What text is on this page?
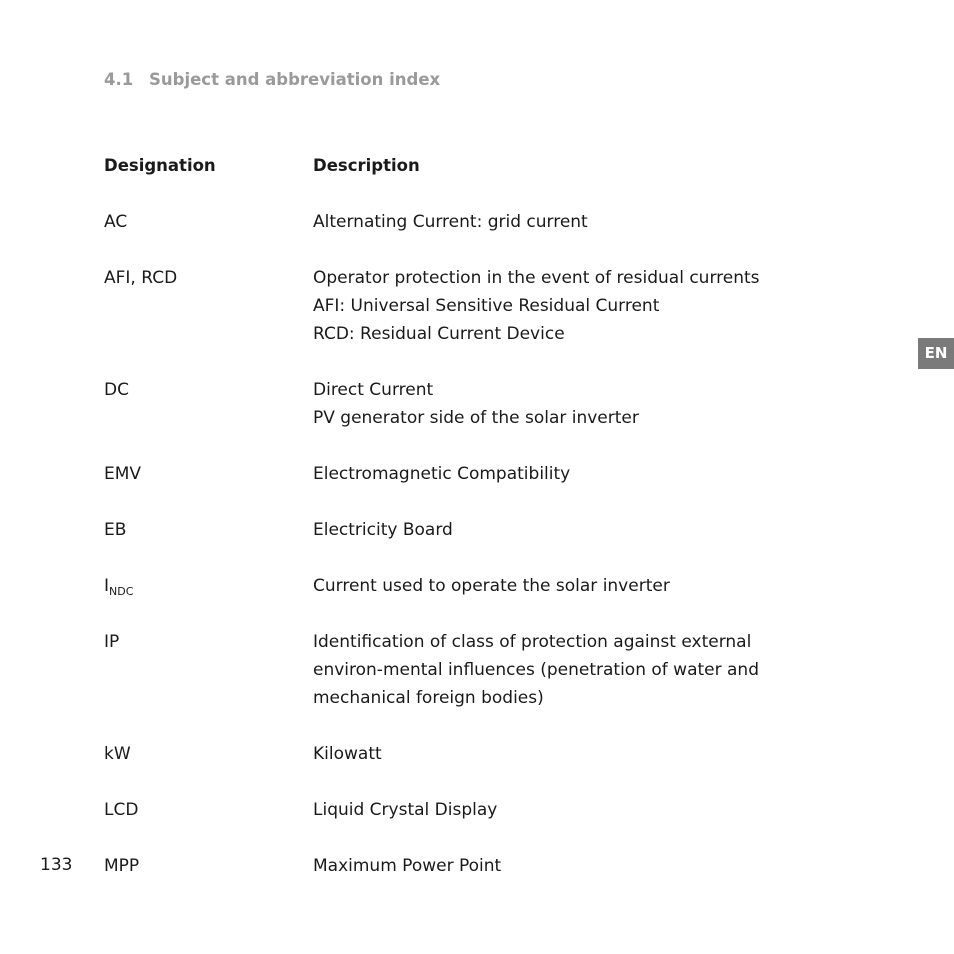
4.1 Subject and abbreviation index
Designation	Description
AC	Alternating Current: grid current
AFI, RCD	Operator protection in the event of residual currents
AFI: Universal Sensitive Residual Current
RCD: Residual Current Device
DC	Direct Current
PV generator side of the solar inverter
EMV	Electromagnetic Compatibility
EB	Electricity Board
$I_{NDC}$	Current used to operate the solar inverter
IP	Identification of class of protection against external
environ-mental influences (penetration of water and
mechanical foreign bodies)
kW	Kilowatt
LCD	Liquid Crystal Display
MPP	Maximum Power Point
EN
133
